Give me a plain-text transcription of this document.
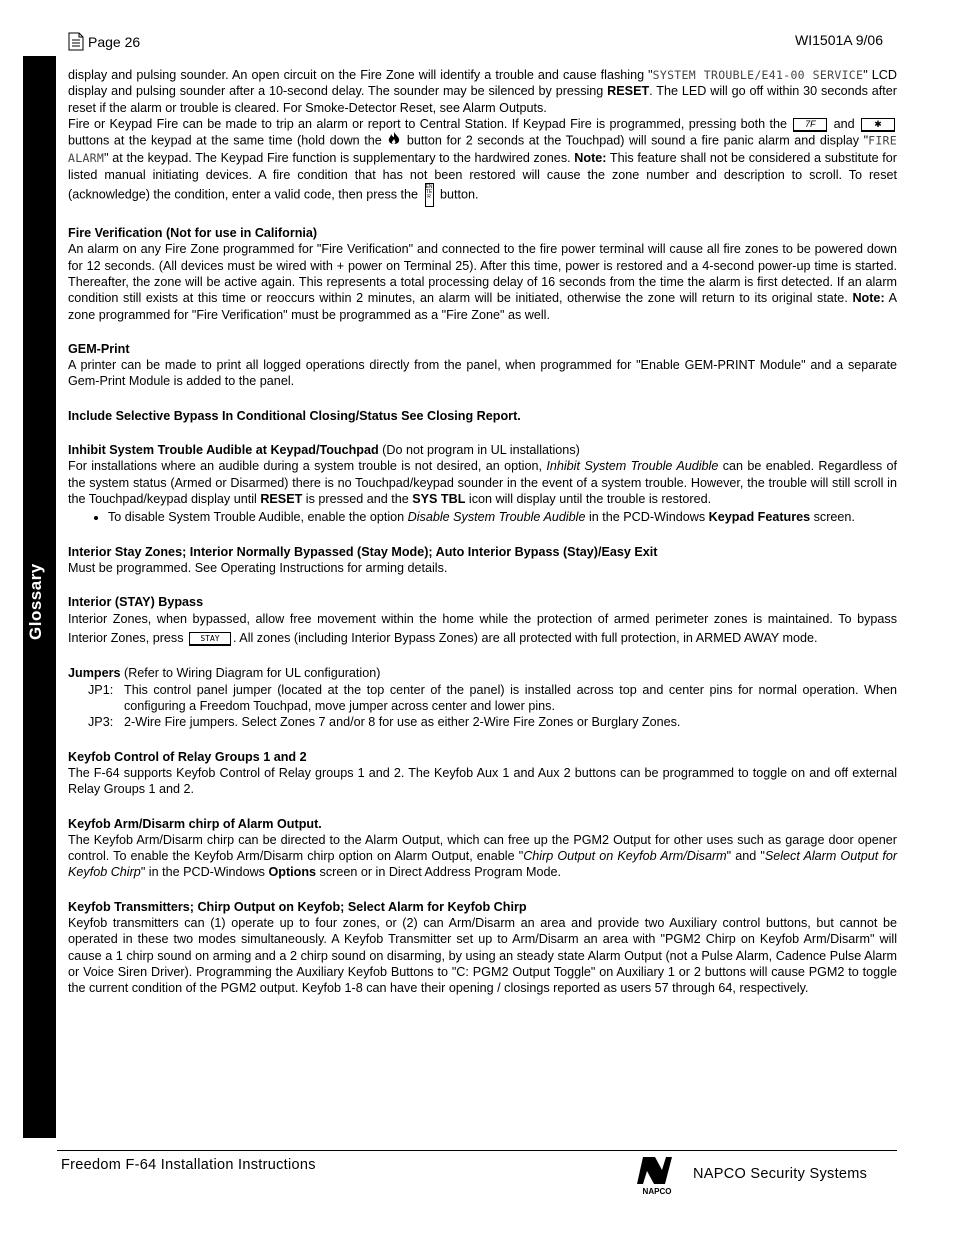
Page 26	WI1501A 9/06
Glossary

display and pulsing sounder. An open circuit on the Fire Zone will identify a trouble and cause flashing "SYSTEM TROUBLE/E41-00 SERVICE" LCD display and pulsing sounder after a 10-second delay. The sounder may be silenced by pressing RESET. The LED will go off within 30 seconds after reset if the alarm or trouble is cleared. For Smoke-Detector Reset, see Alarm Outputs.

Fire or Keypad Fire can be made to trip an alarm or report to Central Station. If Keypad Fire is programmed, pressing both the 7F and ✱ buttons at the keypad at the same time (hold down the  button for 2 seconds at the Touchpad) will sound a fire panic alarm and display "FIRE ALARM" at the keypad. The Keypad Fire function is supplementary to the hardwired zones. Note: This feature shall not be considered a substitute for listed manual initiating devices. A fire condition that has not been restored will cause the zone number and description to scroll. To reset (acknowledge) the condition, enter a valid code, then press the ENTER button.

Fire Verification (Not for use in California)

An alarm on any Fire Zone programmed for "Fire Verification" and connected to the fire power terminal will cause all fire zones to be powered down for 12 seconds. (All devices must be wired with + power on Terminal 25). After this time, power is restored and a 4-second power-up time is started. Thereafter, the zone will be active again. This represents a total processing delay of 16 seconds from the time the alarm is first detected. If an alarm condition still exists at this time or reoccurs within 2 minutes, an alarm will be initiated, otherwise the zone will return to its original state. Note: A zone programmed for "Fire Verification" must be programmed as a "Fire Zone" as well.

GEM-Print

A printer can be made to print all logged operations directly from the panel, when programmed for "Enable GEM-PRINT Module" and a separate Gem-Print Module is added to the panel.

Include Selective Bypass In Conditional Closing/Status See Closing Report.

Inhibit System Trouble Audible at Keypad/Touchpad (Do not program in UL installations)

For installations where an audible during a system trouble is not desired, an option, Inhibit System Trouble Audible can be enabled. Regardless of the system status (Armed or Disarmed) there is no Touchpad/keypad sounder in the event of a system trouble. However, the trouble will still scroll in the Touchpad/keypad display until RESET is pressed and the SYS TBL icon will display until the trouble is restored.

• To disable System Trouble Audible, enable the option Disable System Trouble Audible in the PCD-Windows Keypad Features screen.
Interior Stay Zones; Interior Normally Bypassed (Stay Mode); Auto Interior Bypass (Stay)/Easy Exit

Must be programmed. See Operating Instructions for arming details.

Interior (STAY) Bypass

Interior Zones, when bypassed, allow free movement within the home while the protection of armed perimeter zones is maintained. To bypass Interior Zones, press STAY . All zones (including Interior Bypass Zones) are all protected with full protection, in ARMED AWAY mode.

Jumpers (Refer to Wiring Diagram for UL configuration)

JP1: This control panel jumper (located at the top center of the panel) is installed across top and center pins for normal operation. When configuring a Freedom Touchpad, move jumper across center and lower pins.
JP3: 2-Wire Fire jumpers. Select Zones 7 and/or 8 for use as either 2-Wire Fire Zones or Burglary Zones.
Keyfob Control of Relay Groups 1 and 2

The F-64 supports Keyfob Control of Relay groups 1 and 2. The Keyfob Aux 1 and Aux 2 buttons can be programmed to toggle on and off external Relay Groups 1 and 2.

Keyfob Arm/Disarm chirp of Alarm Output.

The Keyfob Arm/Disarm chirp can be directed to the Alarm Output, which can free up the PGM2 Output for other uses such as garage door opener control. To enable the Keyfob Arm/Disarm chirp option on Alarm Output, enable "Chirp Output on Keyfob Arm/Disarm" and "Select Alarm Output for Keyfob Chirp" in the PCD-Windows Options screen or in Direct Address Program Mode.

Keyfob Transmitters; Chirp Output on Keyfob; Select Alarm for Keyfob Chirp

Keyfob transmitters can (1) operate up to four zones, or (2) can Arm/Disarm an area and provide two Auxiliary control buttons, but cannot be operated in these two modes simultaneously. A Keyfob Transmitter set up to Arm/Disarm an area with "PGM2 Chirp on Keyfob Arm/Disarm" will cause a 1 chirp sound on arming and a 2 chirp sound on disarming, by using an steady state Alarm Output (not a Pulse Alarm, Cadence Pulse Alarm or Voice Siren Driver). Programming the Auxiliary Keyfob Buttons to "C: PGM2 Output Toggle" on Auxiliary 1 or 2 buttons will cause PGM2 to toggle the current condition of the PGM2 output. Keyfob 1-8 can have their opening / closings reported as users 57 through 64, respectively.

Freedom F-64 Installation Instructions
NAPCO
NAPCO Security Systems
